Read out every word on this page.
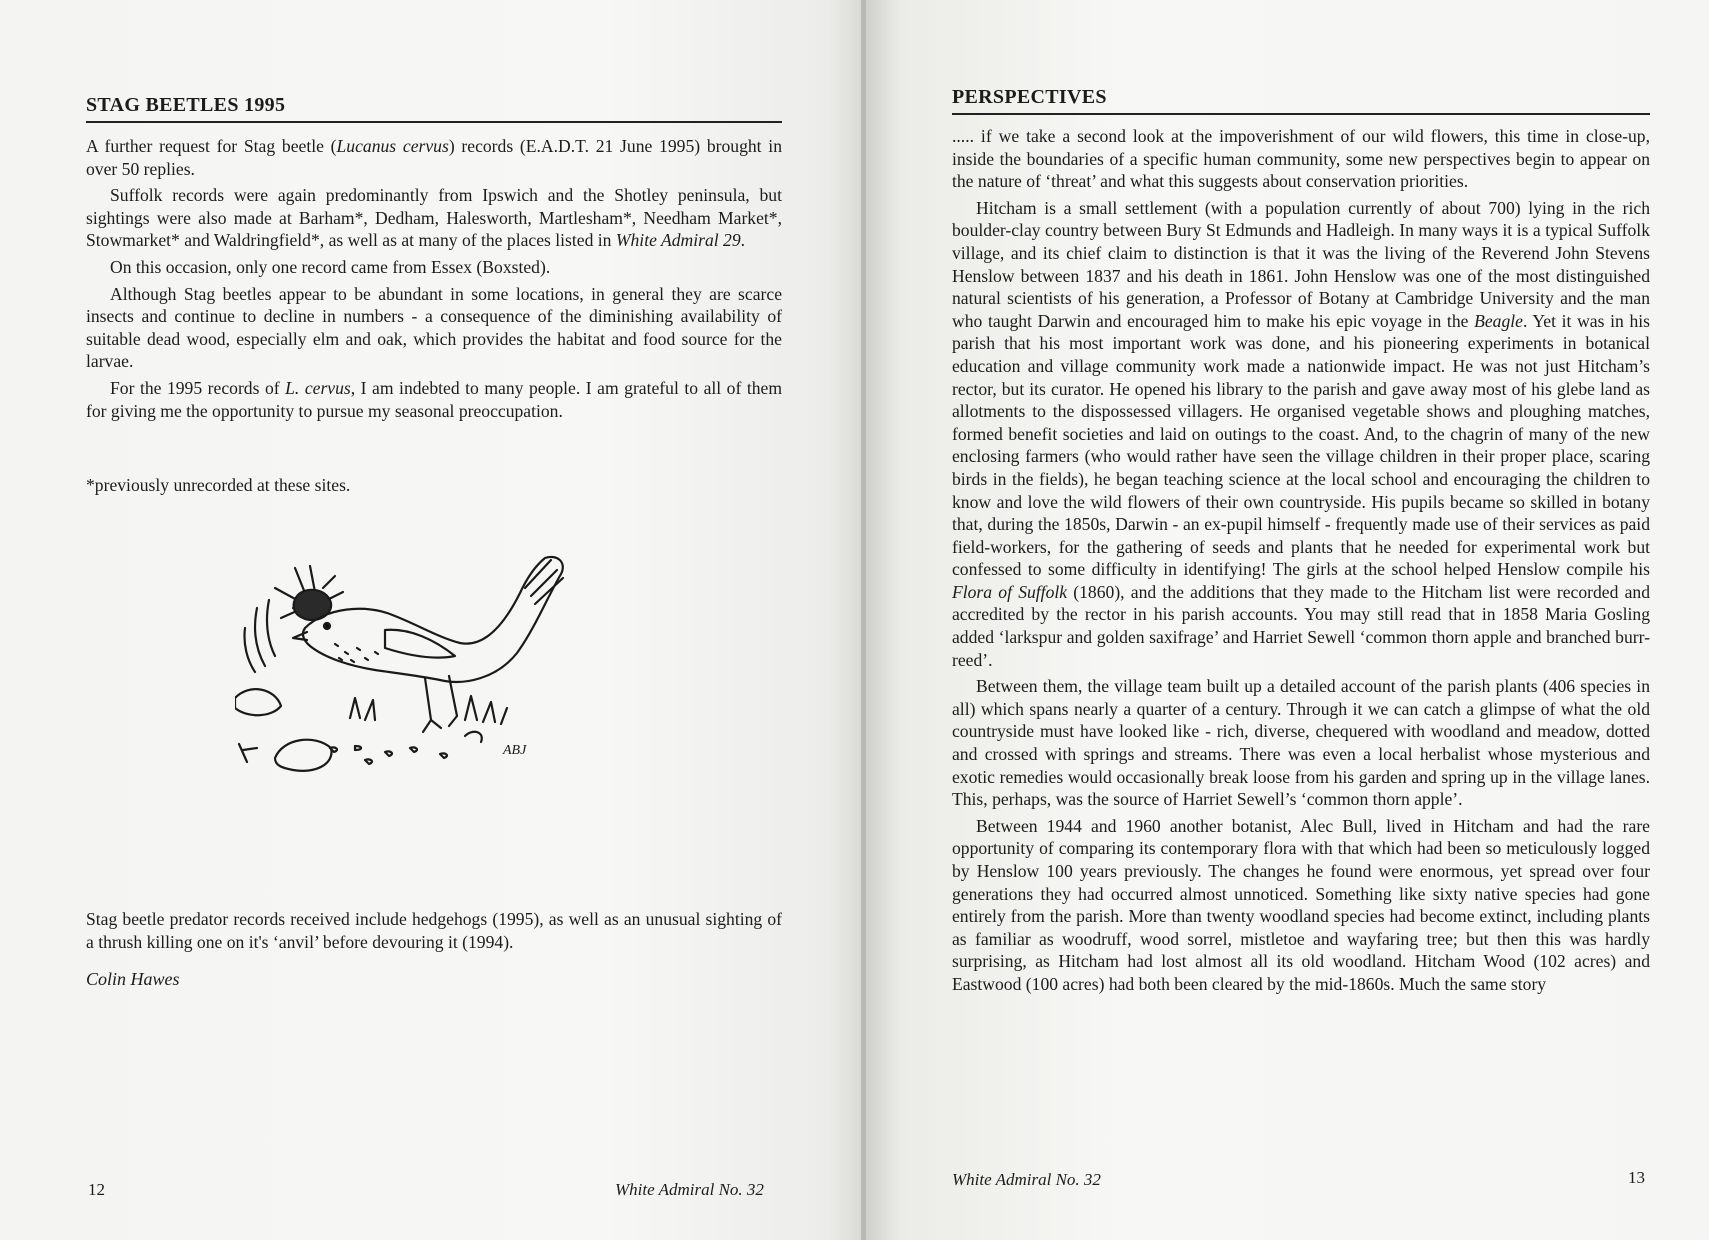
STAG BEETLES 1995

A further request for Stag beetle (Lucanus cervus) records (E.A.D.T. 21 June 1995) brought in over 50 replies.

Suffolk records were again predominantly from Ipswich and the Shotley peninsula, but sightings were also made at Barham*, Dedham, Halesworth, Martlesham*, Needham Market*, Stowmarket* and Waldringfield*, as well as at many of the places listed in White Admiral 29.

On this occasion, only one record came from Essex (Boxsted).

Although Stag beetles appear to be abundant in some locations, in general they are scarce insects and continue to decline in numbers - a consequence of the diminishing availability of suitable dead wood, especially elm and oak, which provides the habitat and food source for the larvae.

For the 1995 records of L. cervus, I am indebted to many people. I am grateful to all of them for giving me the opportunity to pursue my seasonal preoccupation.

*previously unrecorded at these sites.
ABJ
Stag beetle predator records received include hedgehogs (1995), as well as an unusual sighting of a thrush killing one on it's ‘anvil’ before devouring it (1994).
Colin Hawes
12	White Admiral No. 32
PERSPECTIVES

..... if we take a second look at the impoverishment of our wild flowers, this time in close-up, inside the boundaries of a specific human community, some new perspectives begin to appear on the nature of ‘threat’ and what this suggests about conservation priorities.

Hitcham is a small settlement (with a population currently of about 700) lying in the rich boulder-clay country between Bury St Edmunds and Hadleigh. In many ways it is a typical Suffolk village, and its chief claim to distinction is that it was the living of the Reverend John Stevens Henslow between 1837 and his death in 1861. John Henslow was one of the most distinguished natural scientists of his generation, a Professor of Botany at Cambridge University and the man who taught Darwin and encouraged him to make his epic voyage in the Beagle. Yet it was in his parish that his most important work was done, and his pioneering experiments in botanical education and village community work made a nationwide impact. He was not just Hitcham’s rector, but its curator. He opened his library to the parish and gave away most of his glebe land as allotments to the dispossessed villagers. He organised vegetable shows and ploughing matches, formed benefit societies and laid on outings to the coast. And, to the chagrin of many of the new enclosing farmers (who would rather have seen the village children in their proper place, scaring birds in the fields), he began teaching science at the local school and encouraging the children to know and love the wild flowers of their own countryside. His pupils became so skilled in botany that, during the 1850s, Darwin - an ex-pupil himself - frequently made use of their services as paid field-workers, for the gathering of seeds and plants that he needed for experimental work but confessed to some difficulty in identifying! The girls at the school helped Henslow compile his Flora of Suffolk (1860), and the additions that they made to the Hitcham list were recorded and accredited by the rector in his parish accounts. You may still read that in 1858 Maria Gosling added ‘larkspur and golden saxifrage’ and Harriet Sewell ‘common thorn apple and branched burr-reed’.

Between them, the village team built up a detailed account of the parish plants (406 species in all) which spans nearly a quarter of a century. Through it we can catch a glimpse of what the old countryside must have looked like - rich, diverse, chequered with woodland and meadow, dotted and crossed with springs and streams. There was even a local herbalist whose mysterious and exotic remedies would occasionally break loose from his garden and spring up in the village lanes. This, perhaps, was the source of Harriet Sewell’s ‘common thorn apple’.

Between 1944 and 1960 another botanist, Alec Bull, lived in Hitcham and had the rare opportunity of comparing its contemporary flora with that which had been so meticulously logged by Henslow 100 years previously. The changes he found were enormous, yet spread over four generations they had occurred almost unnoticed. Something like sixty native species had gone entirely from the parish. More than twenty woodland species had become extinct, including plants as familiar as woodruff, wood sorrel, mistletoe and wayfaring tree; but then this was hardly surprising, as Hitcham had lost almost all its old woodland. Hitcham Wood (102 acres) and Eastwood (100 acres) had both been cleared by the mid-1860s. Much the same story

White Admiral No. 32	13
